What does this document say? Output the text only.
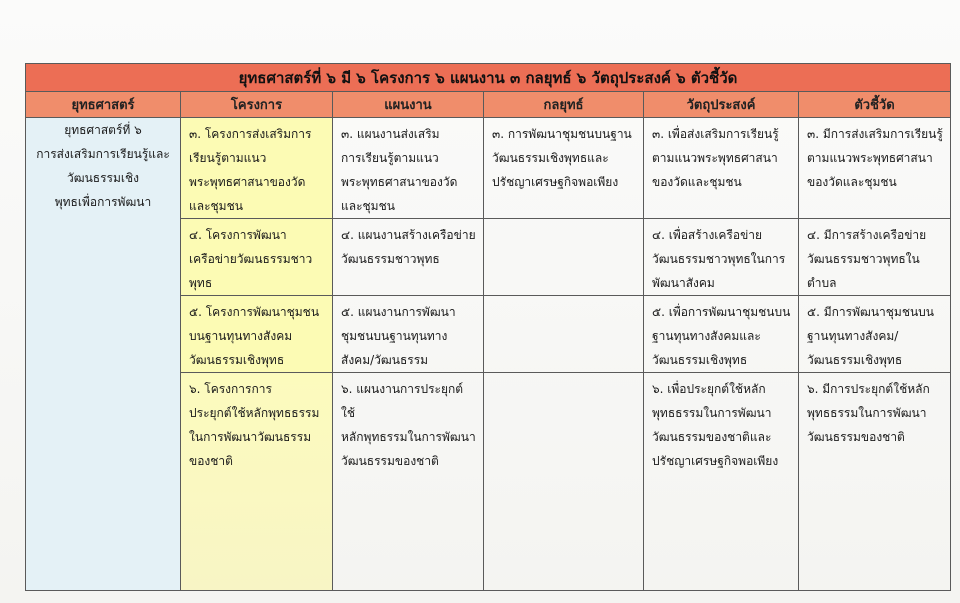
ยุทธศาสตร์ที่ ๖ มี ๖ โครงการ ๖ แผนงาน ๓ กลยุทธ์ ๖ วัตถุประสงค์ ๖ ตัวชี้วัด					
ยุทธศาสตร์	โครงการ	แผนงาน	กลยุทธ์	วัตถุประสงค์	ตัวชี้วัด

ยุทธศาสตร์ที่ ๖
การส่งเสริมการเรียนรู้และ
วัฒนธรรมเชิง
พุทธเพื่อการพัฒนา	๓. โครงการส่งเสริมการ
เรียนรู้ตามแนว
พระพุทธศาสนาของวัด
และชุมชน	๓. แผนงานส่งเสริม
การเรียนรู้ตามแนว
พระพุทธศาสนาของวัด
และชุมชน	๓. การพัฒนาชุมชนบนฐาน
วัฒนธรรมเชิงพุทธและ
ปรัชญาเศรษฐกิจพอเพียง	๓. เพื่อส่งเสริมการเรียนรู้
ตามแนวพระพุทธศาสนา
ของวัดและชุมชน	๓. มีการส่งเสริมการเรียนรู้
ตามแนวพระพุทธศาสนา
ของวัดและชุมชน

	๔. โครงการพัฒนา
เครือข่ายวัฒนธรรมชาว
พุทธ	๔. แผนงานสร้างเครือข่าย
วัฒนธรรมชาวพุทธ		๔. เพื่อสร้างเครือข่าย
วัฒนธรรมชาวพุทธในการ
พัฒนาสังคม	๔. มีการสร้างเครือข่าย
วัฒนธรรมชาวพุทธใน
ตำบล

	๕. โครงการพัฒนาชุมชน
บนฐานทุนทางสังคม
วัฒนธรรมเชิงพุทธ	๕. แผนงานการพัฒนา
ชุมชนบนฐานทุนทาง
สังคม/วัฒนธรรม		๕. เพื่อการพัฒนาชุมชนบน
ฐานทุนทางสังคมและ
วัฒนธรรมเชิงพุทธ	๕. มีการพัฒนาชุมชนบน
ฐานทุนทางสังคม/
วัฒนธรรมเชิงพุทธ

	๖. โครงการการ
ประยุกต์ใช้หลักพุทธธรรม
ในการพัฒนาวัฒนธรรม
ของชาติ	๖. แผนงานการประยุกต์ใช้
หลักพุทธรรมในการพัฒนา
วัฒนธรรมของชาติ		๖. เพื่อประยุกต์ใช้หลัก
พุทธธรรมในการพัฒนา
วัฒนธรรมของชาติและ
ปรัชญาเศรษฐกิจพอเพียง	๖. มีการประยุกต์ใช้หลัก
พุทธธรรมในการพัฒนา
วัฒนธรรมของชาติ
